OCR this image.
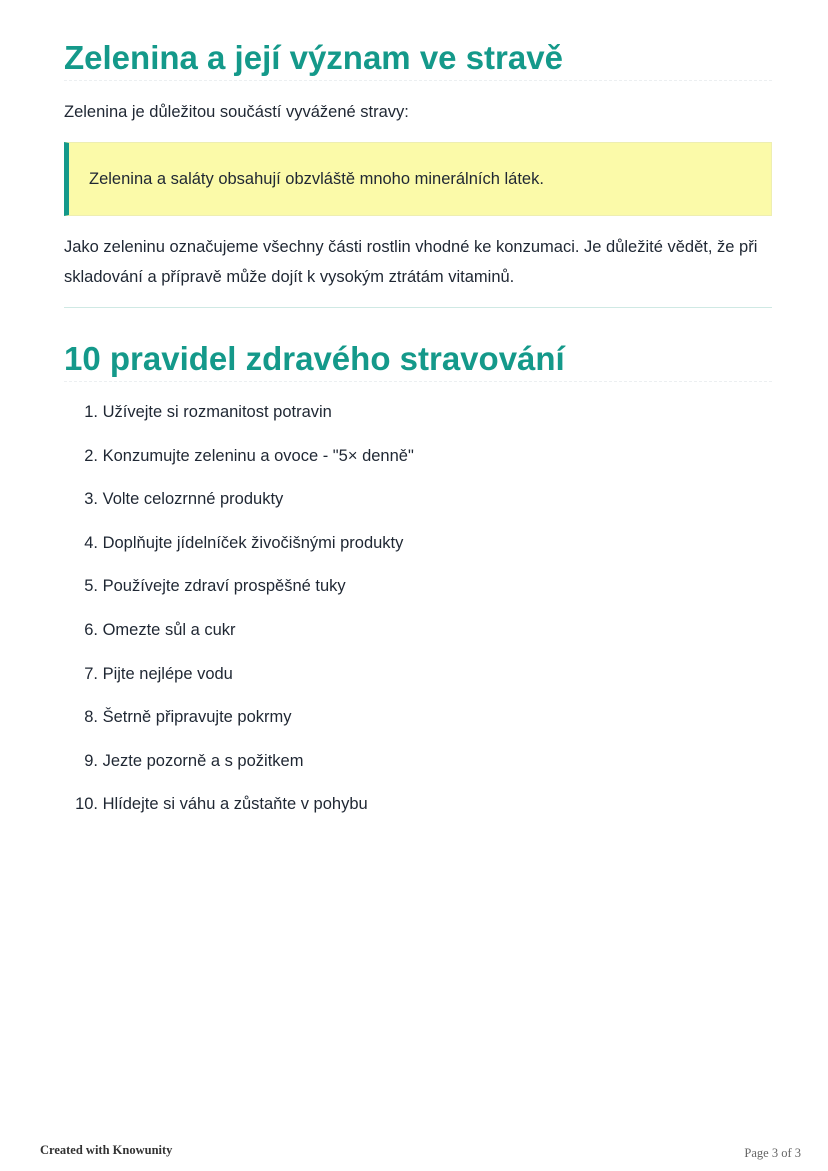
Zelenina a její význam ve stravě

Zelenina je důležitou součástí vyvážené stravy:

Zelenina a saláty obsahují obzvláště mnoho minerálních látek.

Jako zeleninu označujeme všechny části rostlin vhodné ke konzumaci. Je důležité vědět, že při skladování a přípravě může dojít k vysokým ztrátám vitaminů.

10 pravidel zdravého stravování
1.
Užívejte si rozmanitost potravin
2.
Konzumujte zeleninu a ovoce - "5× denně"
3.
Volte celozrnné produkty
4.
Doplňujte jídelníček živočišnými produkty
5.
Používejte zdraví prospěšné tuky
6.
Omezte sůl a cukr
7.
Pijte nejlépe vodu
8.
Šetrně připravujte pokrmy
9.
Jezte pozorně a s požitkem
10.
Hlídejte si váhu a zůstaňte v pohybu
Created with Knowunity	Page 3 of 3
